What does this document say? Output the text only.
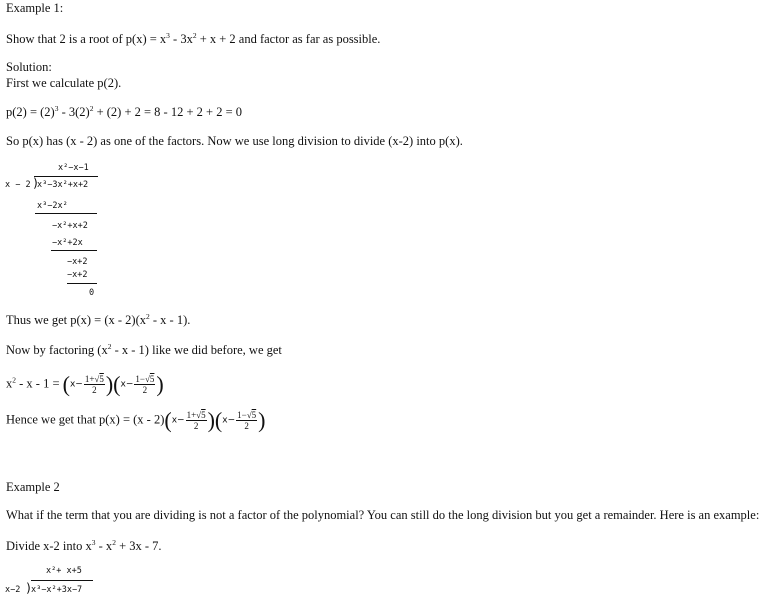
Example 1:
Show that 2 is a root of $p(x) = x^3 - 3x^2 + x + 2$ and factor as far as possible.
Solution:
First we calculate p(2).
$p(2) = (2)^3 - 3(2)^2 + (2) + 2 = 8 - 12 + 2 + 2 = 0$
So p(x) has (x - 2) as one of the factors. Now we use long division to divide (x-2) into p(x).
x²−x−1
x − 2 )
x³−3x²+x+2
x³−2x²
−x²+x+2
−x²+2x
−x+2
−x+2
0
Thus we get $p(x) = (x - 2)(x^2 - x - 1)$.
Now by factoring ($x^2$ - x - 1) like we did before, we get
$x^2 - x - 1 = (x- \frac{1+√5}{2} )(x- \frac{1-√5}{2}$ )
Hence we get that $p(x) = (x - 2)(x- \frac{1+√5}{2} )(x- \frac{1-√5}{2}$ )
Example 2
What if the term that you are dividing is not a factor of the polynomial? You can still do the long division but you get a remainder. Here is an example:
Divide x-2 into $x^3 - x^2 + 3x - 7$.
x²+ x+5
x−2 )
x³−x²+3x−7
